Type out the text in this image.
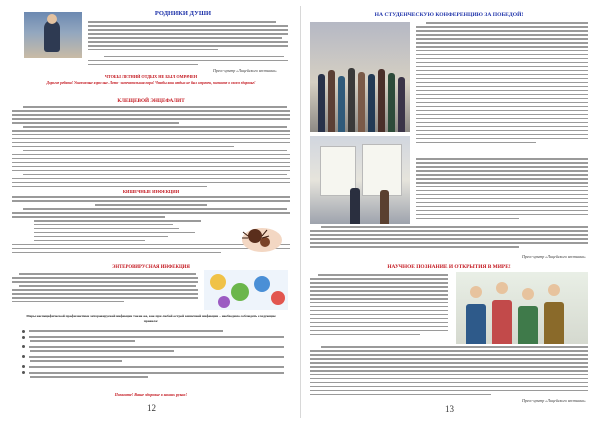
РОДНИКИ ДУШИ
Пресс-центр «Лицейского вестника»
ЧТОБЫ ЛЕТНИЙ ОТДЫХ НЕ БЫЛ ОМРАЧЕН
Дорогие ребята! Уважаемые взрослые. Лето- замечательная пора! Чтобы ваш отдых не был омрачен, помните о своем здоровье!
КЛЕЩЕВОЙ ЭНЦЕФАЛИТ
КИШЕЧНЫЕ ИНФЕКЦИИ
ЭНТЕРОВИРУСНАЯ ИНФЕКЦИЯ
Меры неспецифической профилактики энтеровирусной инфекции такие же, как при любой острой кишечной инфекции – необходимо соблюдать следующие правила:
Помните! Ваше здоровье в ваших руках!
12
НА СТУДЕНЧЕСКУЮ КОНФЕРЕНЦИЮ ЗА ПОБЕДОЙ!
Пресс-центр «Лицейского вестника»
НАУЧНОЕ ПОЗНАНИЕ И ОТКРЫТИЯ В МИРЕ!
Пресс-центр «Лицейского вестника»
13
